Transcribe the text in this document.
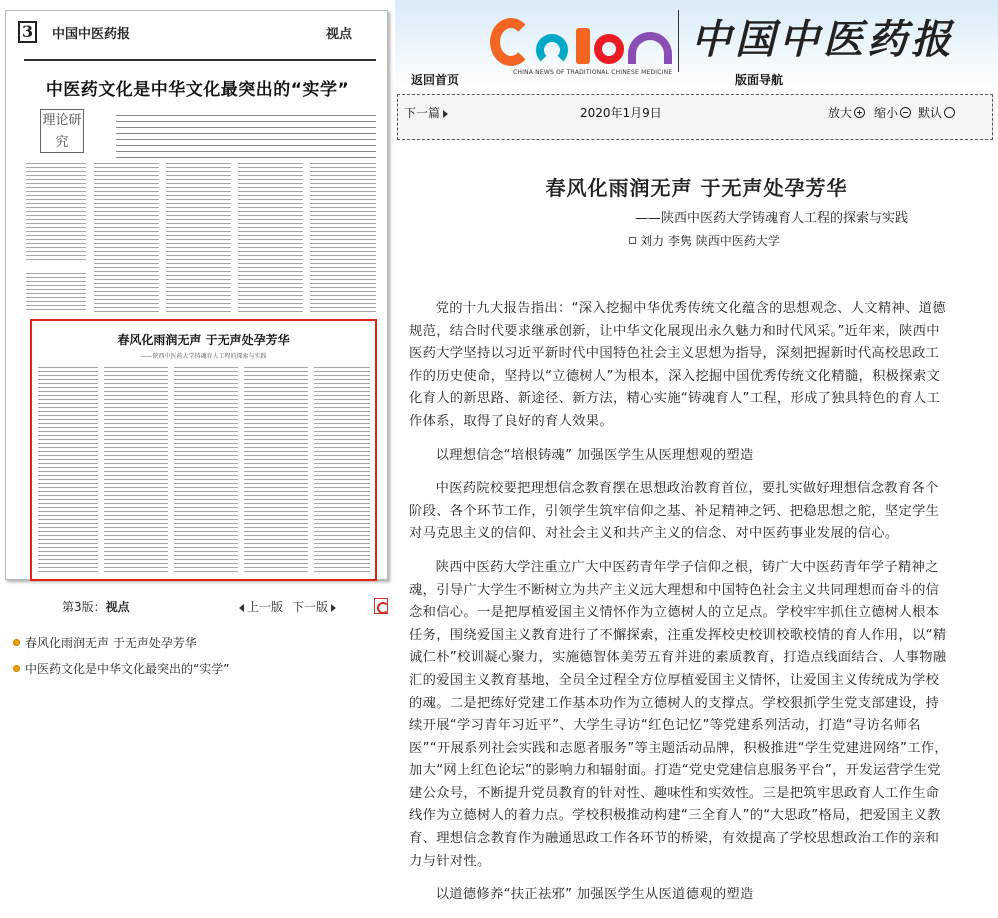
3	中国中医药报	视点
中医药文化是中华文化最突出的“实学”
理论研究
春风化雨润无声 于无声处孕芳华
——陕西中医药大学铸魂育人工程的探索与实践
第3版：视点	上一版 下一版
春风化雨润无声 于无声处孕芳华
中医药文化是中华文化最突出的“实学”
CHINA NEWS OF TRADITIONAL CHINESE MEDICINE
中国中医药报
返回首页	版面导航
下一篇	2020年1月9日	放大	缩小	默认
春风化雨润无声 于无声处孕芳华
——陕西中医药大学铸魂育人工程的探索与实践
刘力 李隽 陕西中医药大学

党的十九大报告指出：“深入挖掘中华优秀传统文化蕴含的思想观念、人文精神、道德规范，结合时代要求继承创新，让中华文化展现出永久魅力和时代风采。”近年来，陕西中医药大学坚持以习近平新时代中国特色社会主义思想为指导，深刻把握新时代高校思政工作的历史使命，坚持以“立德树人”为根本，深入挖掘中国优秀传统文化精髓，积极探索文化育人的新思路、新途径、新方法，精心实施“铸魂育人”工程，形成了独具特色的育人工作体系，取得了良好的育人效果。

以理想信念“培根铸魂” 加强医学生从医理想观的塑造

中医药院校要把理想信念教育摆在思想政治教育首位，要扎实做好理想信念教育各个阶段、各个环节工作，引领学生筑牢信仰之基、补足精神之钙、把稳思想之舵，坚定学生对马克思主义的信仰、对社会主义和共产主义的信念、对中医药事业发展的信心。

陕西中医药大学注重立广大中医药青年学子信仰之根，铸广大中医药青年学子精神之魂，引导广大学生不断树立为共产主义远大理想和中国特色社会主义共同理想而奋斗的信念和信心。一是把厚植爱国主义情怀作为立德树人的立足点。学校牢牢抓住立德树人根本任务，围绕爱国主义教育进行了不懈探索，注重发挥校史校训校歌校情的育人作用，以“精诚仁朴”校训凝心聚力，实施德智体美劳五育并进的素质教育，打造点线面结合、人事物融汇的爱国主义教育基地，全员全过程全方位厚植爱国主义情怀，让爱国主义传统成为学校的魂。二是把练好党建工作基本功作为立德树人的支撑点。学校狠抓学生党支部建设，持续开展“学习青年习近平”、大学生寻访“红色记忆”等党建系列活动，打造“寻访名师名医”“开展系列社会实践和志愿者服务”等主题活动品牌，积极推进“学生党建进网络”工作，加大“网上红色论坛”的影响力和辐射面。打造“党史党建信息服务平台”，开发运营学生党建公众号，不断提升党员教育的针对性、趣味性和实效性。三是把筑牢思政育人工作生命线作为立德树人的着力点。学校积极推动构建“三全育人”的“大思政”格局，把爱国主义教育、理想信念教育作为融通思政工作各环节的桥梁，有效提高了学校思想政治工作的亲和力与针对性。

以道德修养“扶正祛邪” 加强医学生从医道德观的塑造
